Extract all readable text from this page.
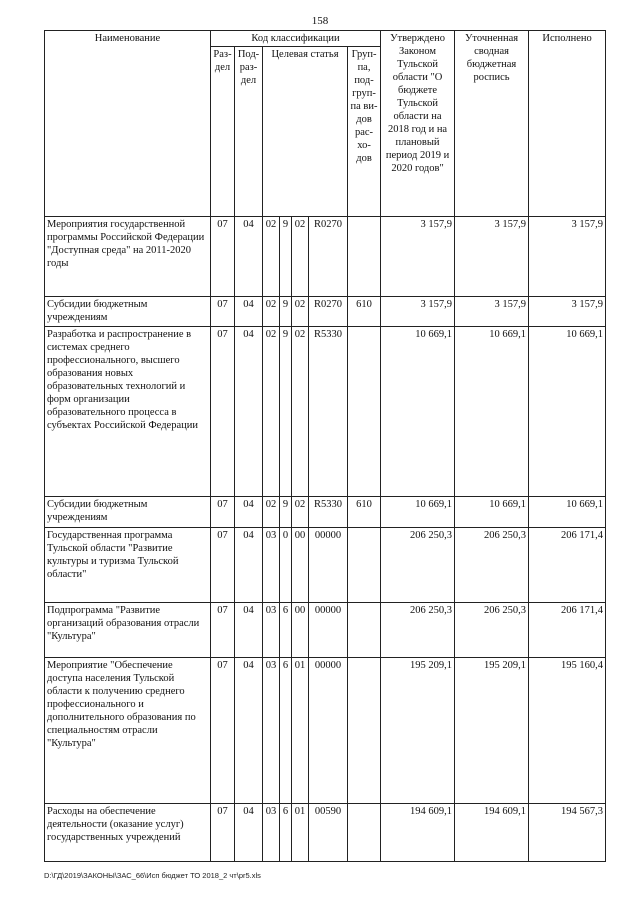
158
Наименование	Код классификации							Утверждено Законом Тульской области "О бюджете Тульской области на 2018 год и на плановый период 2019 и 2020 годов"	Уточненная сводная бюджетная роспись	Исполнено
	Раз-дел	Под-раз-дел	Целевая статья				Груп-па, под-груп-па ви-дов рас-хо-дов			
Мероприятия государственной программы Российской Федерации "Доступная среда" на 2011-2020 годы	07	04	02	9	02	R0270		3 157,9	3 157,9	3 157,9
Субсидии бюджетным учреждениям	07	04	02	9	02	R0270	610	3 157,9	3 157,9	3 157,9
Разработка и распространение в системах среднего профессионального, высшего образования новых образовательных технологий и форм организации образовательного процесса в субъектах Российской Федерации	07	04	02	9	02	R5330		10 669,1	10 669,1	10 669,1
Субсидии бюджетным учреждениям	07	04	02	9	02	R5330	610	10 669,1	10 669,1	10 669,1
Государственная программа Тульской области "Развитие культуры и туризма Тульской области"	07	04	03	0	00	00000		206 250,3	206 250,3	206 171,4
Подпрограмма "Развитие организаций образования отрасли "Культура"	07	04	03	6	00	00000		206 250,3	206 250,3	206 171,4
Мероприятие "Обеспечение доступа населения Тульской области к получению среднего профессионального и дополнительного образования по специальностям отрасли "Культура"	07	04	03	6	01	00000		195 209,1	195 209,1	195 160,4
Расходы на обеспечение деятельности (оказание услуг) государственных учреждений	07	04	03	6	01	00590		194 609,1	194 609,1	194 567,3
D:\ГД\2019\ЗАКОНЫ\ЗАС_66\Исп бюджет ТО 2018_2 чт\pr5.xls
